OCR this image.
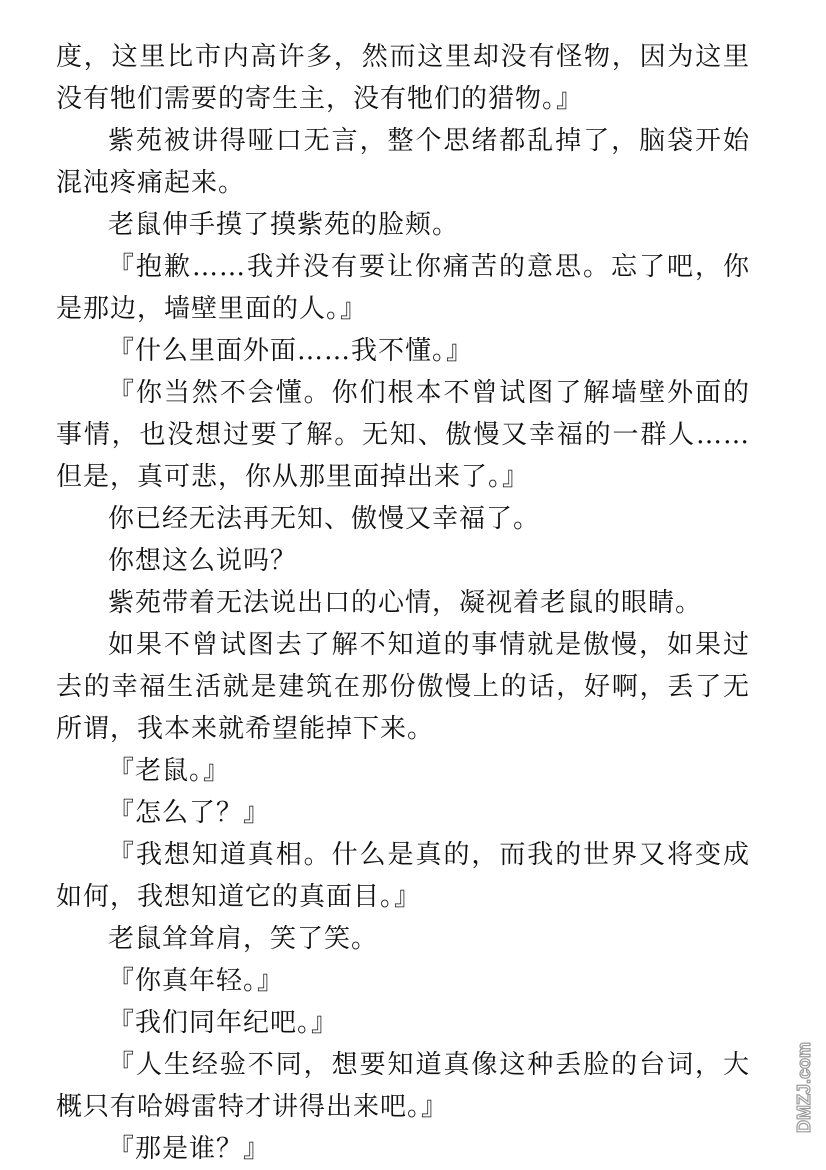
度，这里比市内高许多，然而这里却没有怪物，因为这里没有牠们需要的寄生主，没有牠们的猎物。』

紫苑被讲得哑口无言，整个思绪都乱掉了，脑袋开始混沌疼痛起来。

老鼠伸手摸了摸紫苑的脸颊。

『抱歉……我并没有要让你痛苦的意思。忘了吧，你是那边，墙壁里面的人。』

『什么里面外面……我不懂。』

『你当然不会懂。你们根本不曾试图了解墙壁外面的事情，也没想过要了解。无知、傲慢又幸福的一群人……但是，真可悲，你从那里面掉出来了。』

你已经无法再无知、傲慢又幸福了。

你想这么说吗？

紫苑带着无法说出口的心情，凝视着老鼠的眼睛。

如果不曾试图去了解不知道的事情就是傲慢，如果过去的幸福生活就是建筑在那份傲慢上的话，好啊，丢了无所谓，我本来就希望能掉下来。

『老鼠。』

『怎么了？』

『我想知道真相。什么是真的，而我的世界又将变成如何，我想知道它的真面目。』

老鼠耸耸肩，笑了笑。

『你真年轻。』

『我们同年纪吧。』

『人生经验不同，想要知道真像这种丢脸的台词，大概只有哈姆雷特才讲得出来吧。』

『那是谁？』

DMZJ.com
